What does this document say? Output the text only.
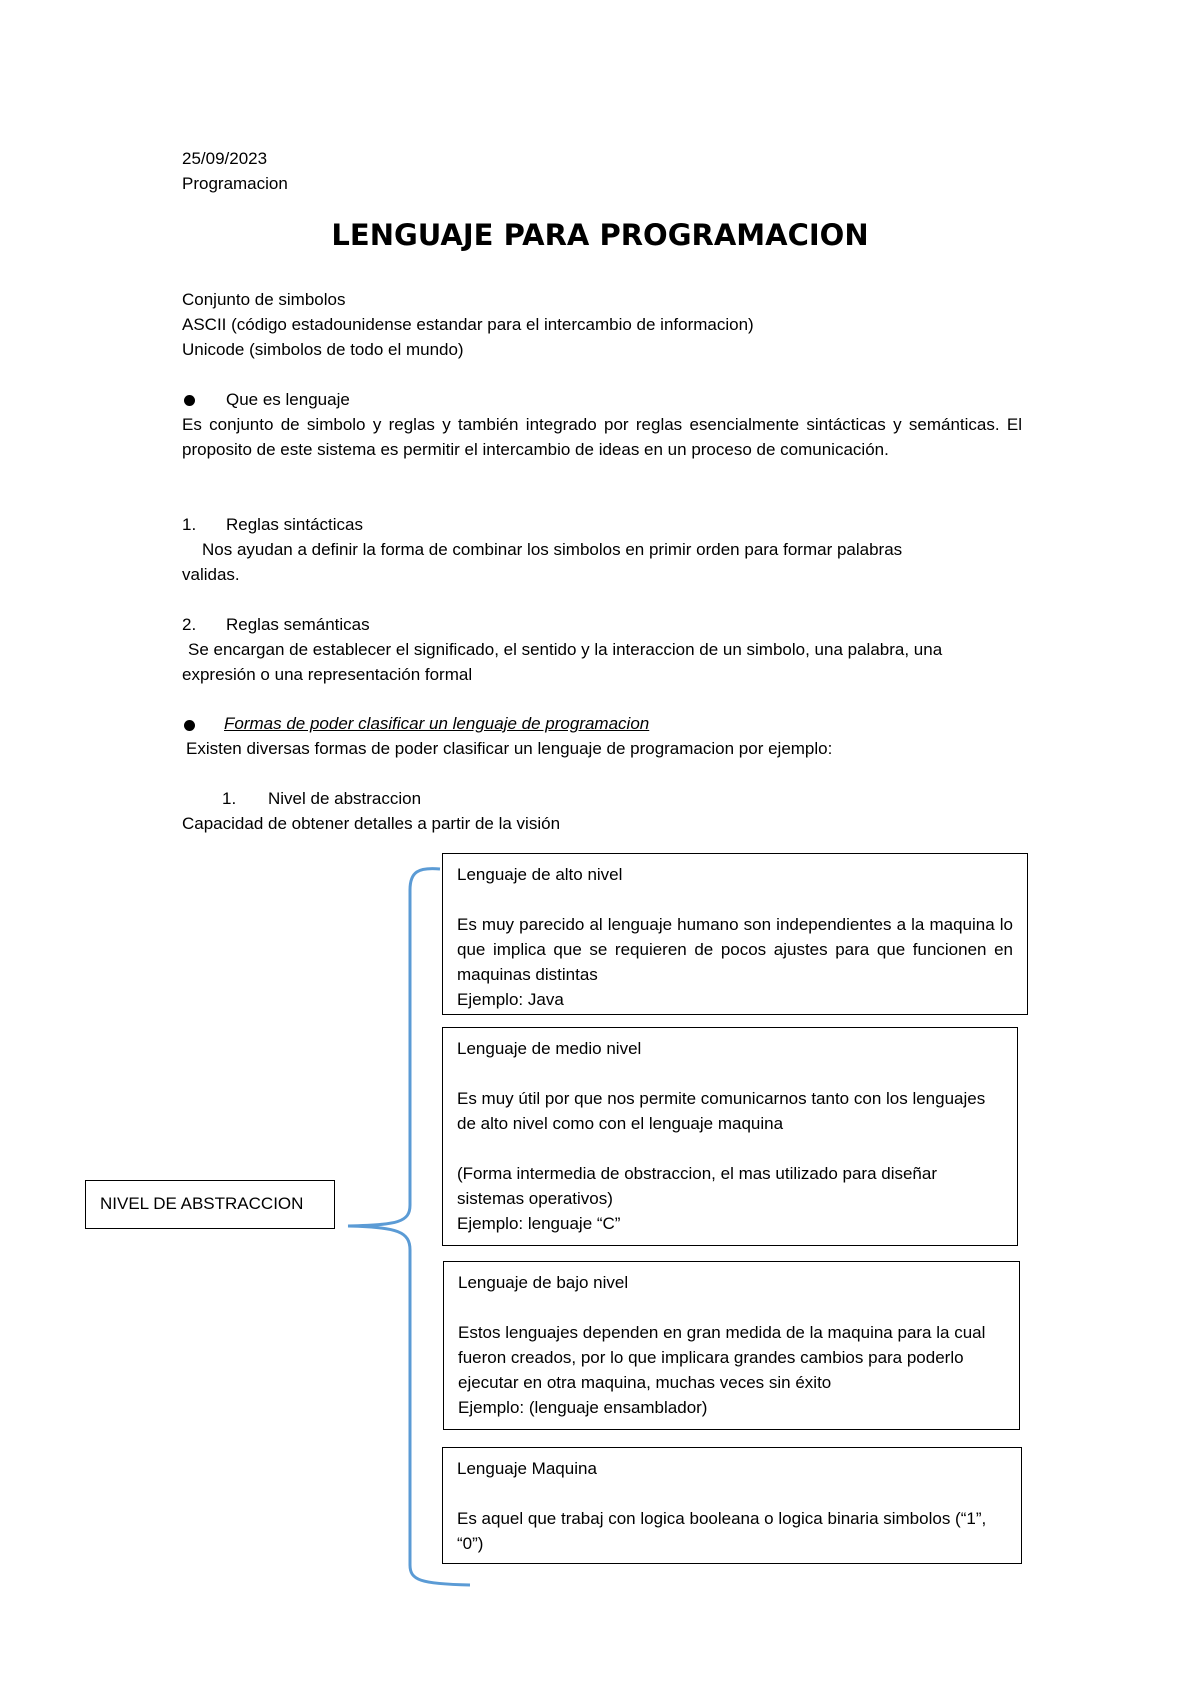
25/09/2023
Programacion
LENGUAJE PARA PROGRAMACION
Conjunto de simbolos
ASCII (código estadounidense estandar para el intercambio de informacion)
Unicode (simbolos de todo el mundo)
Que es lenguaje
Es conjunto de simbolo y reglas y también integrado por reglas esencialmente sintácticas y semánticas. El proposito de este sistema es permitir el intercambio de ideas en un proceso de comunicación.
1. Reglas sintácticas
Nos ayudan a definir la forma de combinar los simbolos en primir orden para formar palabras
validas.
2. Reglas semánticas
Se encargan de establecer el significado, el sentido y la interaccion de un simbolo, una palabra, una
expresión o una representación formal
Formas de poder clasificar un lenguaje de programacion
Existen diversas formas de poder clasificar un lenguaje de programacion por ejemplo:
1. Nivel de abstraccion
Capacidad de obtener detalles a partir de la visión
NIVEL DE ABSTRACCION
Lenguaje de alto nivel
Es muy parecido al lenguaje humano son independientes a la maquina lo que implica que se requieren de pocos ajustes para que funcionen en maquinas distintas
Ejemplo: Java
Lenguaje de medio nivel
Es muy útil por que nos permite comunicarnos tanto con los lenguajes de alto nivel como con el lenguaje maquina
(Forma intermedia de obstraccion, el mas utilizado para diseñar sistemas operativos)
Ejemplo: lenguaje “C”
Lenguaje de bajo nivel
Estos lenguajes dependen en gran medida de la maquina para la cual fueron creados, por lo que implicara grandes cambios para poderlo ejecutar en otra maquina, muchas veces sin éxito
Ejemplo: (lenguaje ensamblador)
Lenguaje Maquina
Es aquel que trabaj con logica booleana o logica binaria simbolos (“1”, “0”)
